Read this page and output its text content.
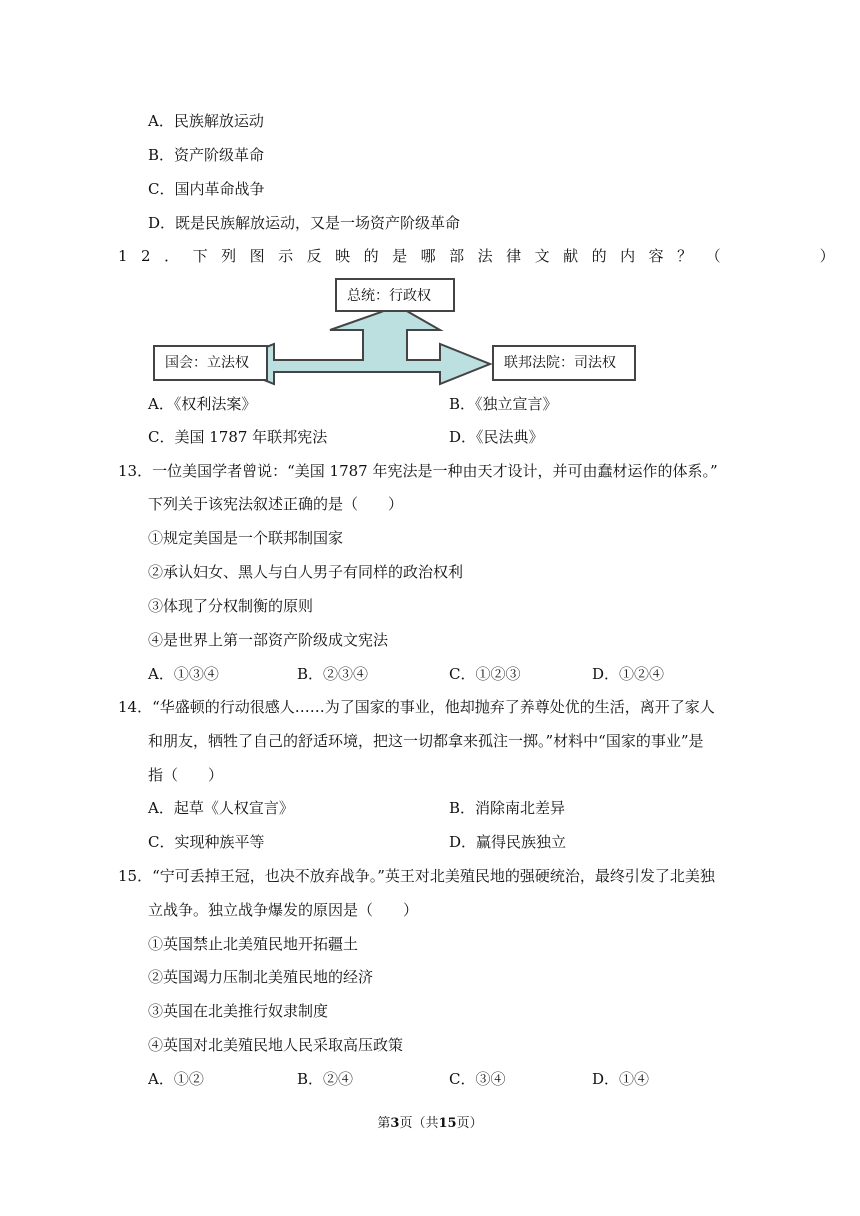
A．民族解放运动
B．资产阶级革命
C．国内革命战争
D．既是民族解放运动，又是一场资产阶级革命
12．下列图示反映的是哪部法律文献的内容？（　　　）
总统：行政权
国会：立法权	联邦法院：司法权
A．《权利法案》	B．《独立宣言》
C．美国 1787 年联邦宪法	D．《民法典》
13．一位美国学者曾说：“美国 1787 年宪法是一种由天才设计，并可由蠢材运作的体系。”
下列关于该宪法叙述正确的是（　　）
①规定美国是一个联邦制国家
②承认妇女、黑人与白人男子有同样的政治权利
③体现了分权制衡的原则
④是世界上第一部资产阶级成文宪法
A．①③④	B．②③④	C．①②③	D．①②④
14．“华盛顿的行动很感人……为了国家的事业，他却抛弃了养尊处优的生活，离开了家人
和朋友，牺牲了自己的舒适环境，把这一切都拿来孤注一掷。”材料中“国家的事业”是
指（　　）
A．起草《人权宣言》	B．消除南北差异
C．实现种族平等	D．赢得民族独立
15．“宁可丢掉王冠，也决不放弃战争。”英王对北美殖民地的强硬统治，最终引发了北美独
立战争。独立战争爆发的原因是（　　）
①英国禁止北美殖民地开拓疆土
②英国竭力压制北美殖民地的经济
③英国在北美推行奴隶制度
④英国对北美殖民地人民采取高压政策
A．①②	B．②④	C．③④	D．①④
第3页（共15页）
